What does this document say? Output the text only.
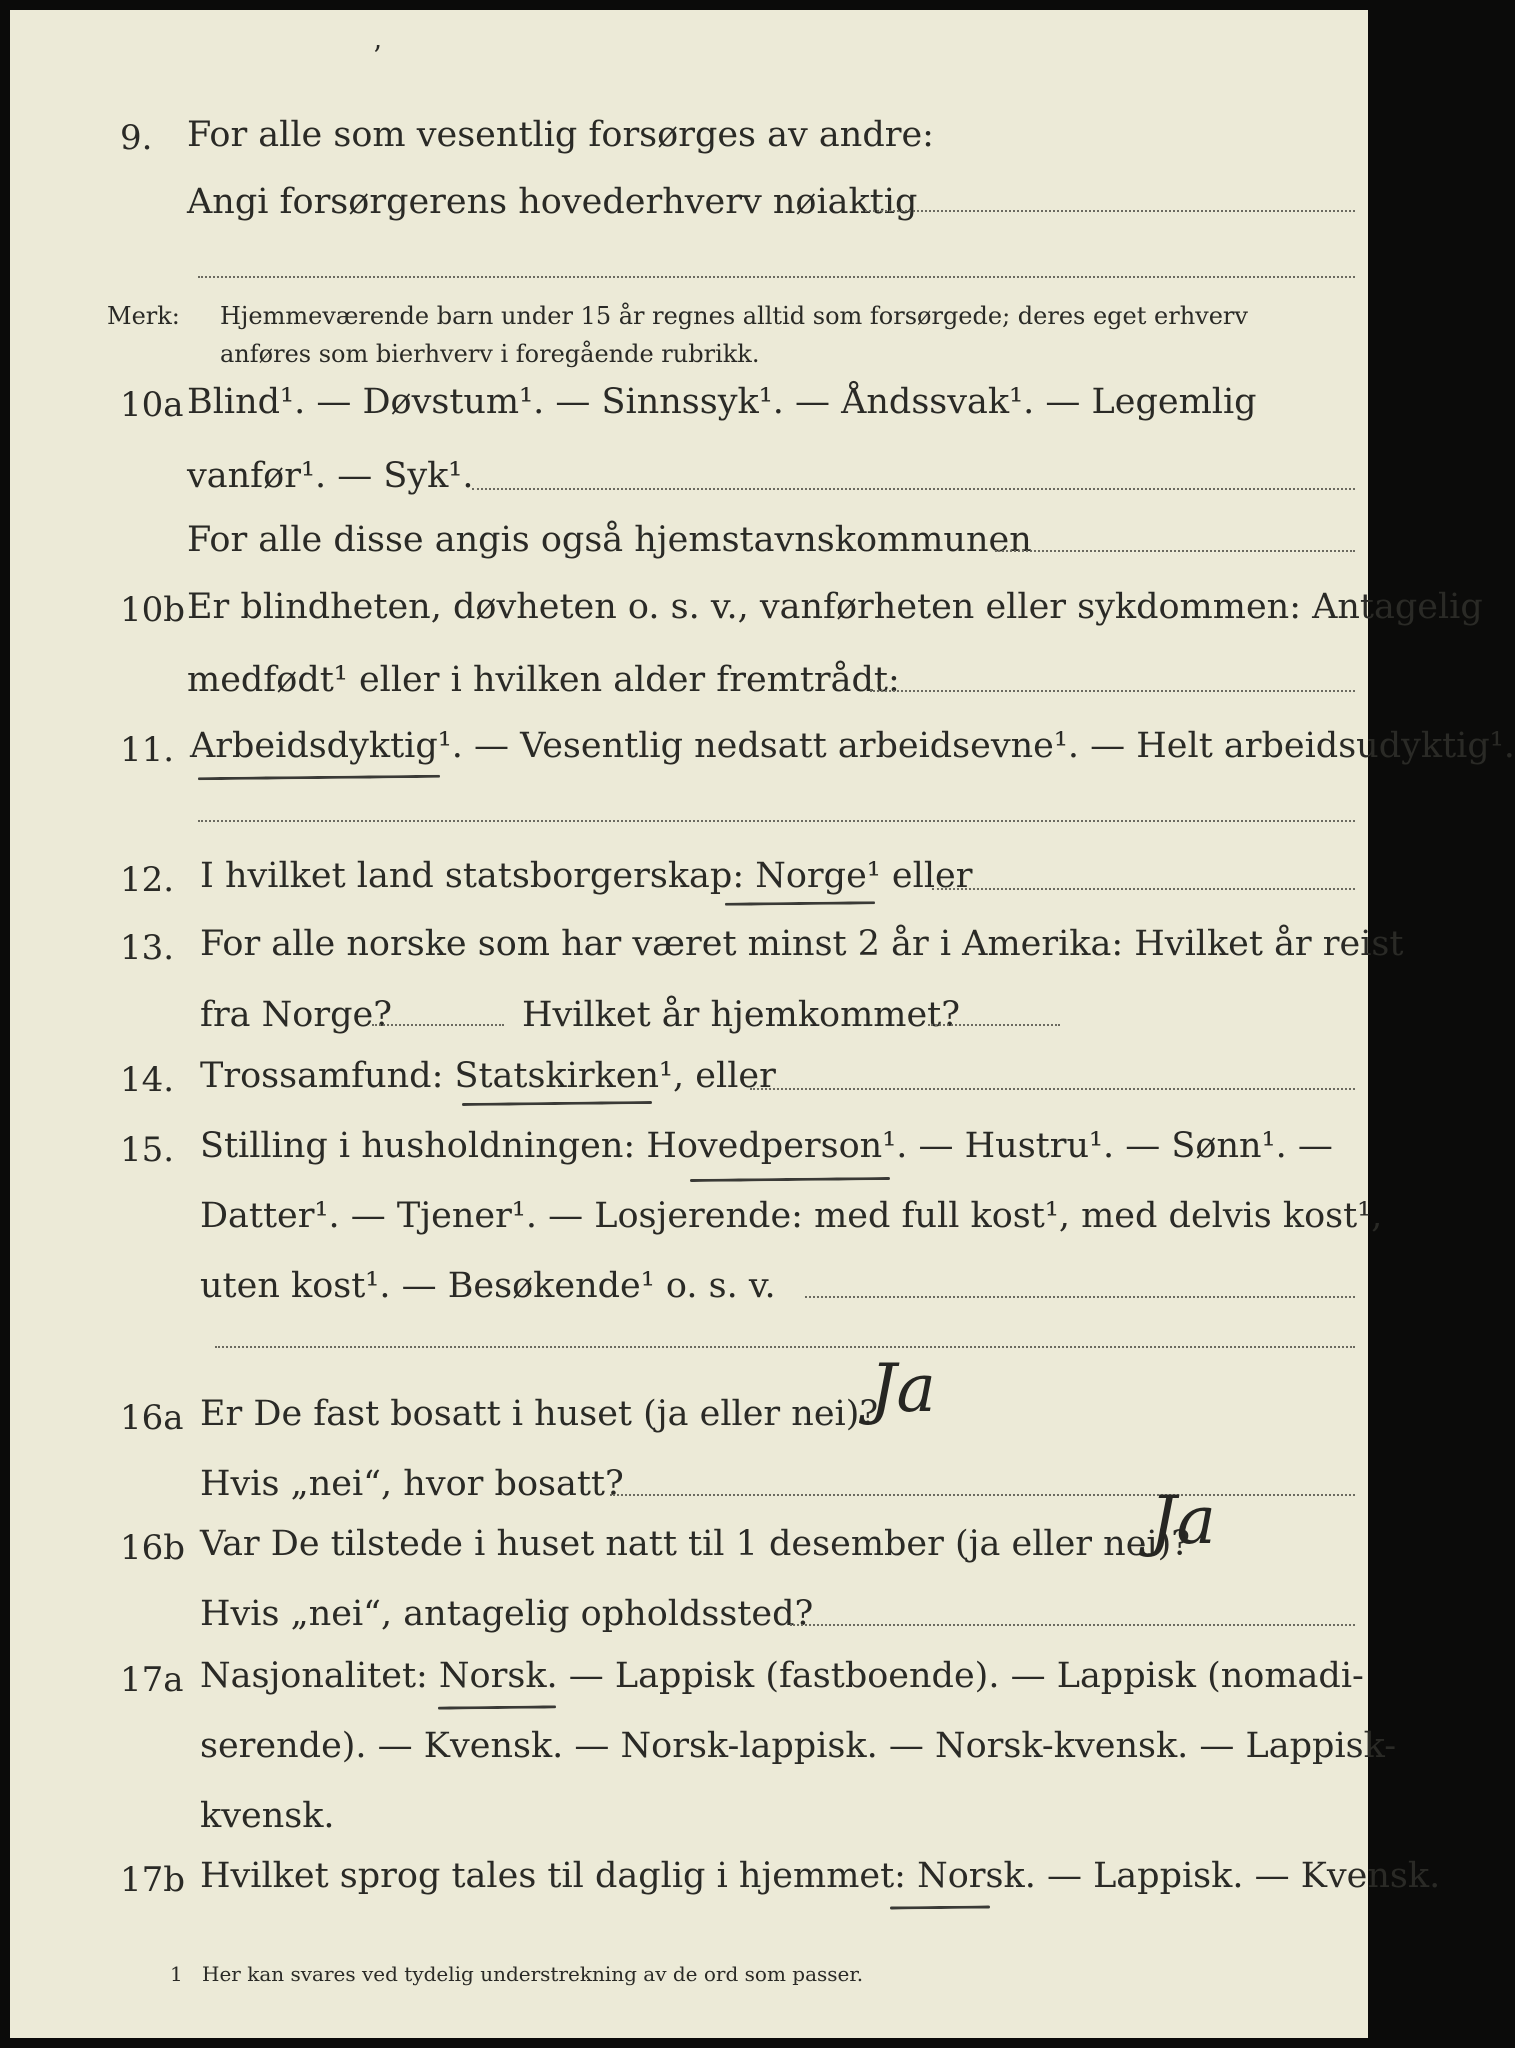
ʼ
9. For alle som vesentlig forsørges av andre:
Angi forsørgerens hovederhverv nøiaktig
Merk: Hjemmeværende barn under 15 år regnes alltid som forsørgede; deres eget erhverv
anføres som bierhverv i foregående rubrikk.
10a Blind¹. — Døvstum¹. — Sinnssyk¹. — Åndssvak¹. — Legemlig
vanfør¹. — Syk¹.
For alle disse angis også hjemstavnskommunen
10b Er blindheten, døvheten o. s. v., vanførheten eller sykdommen: Antagelig
medfødt¹ eller i hvilken alder fremtrådt:
11. Arbeidsdyktig¹. — Vesentlig nedsatt arbeidsevne¹. — Helt arbeidsudyktig¹.
12. I hvilket land statsborgerskap: Norge¹ eller
13. For alle norske som har været minst 2 år i Amerika: Hvilket år reist
fra Norge?	Hvilket år hjemkommet?
14. Trossamfund: Statskirken¹, eller
15. Stilling i husholdningen: Hovedperson¹. — Hustru¹. — Sønn¹. —
Datter¹. — Tjener¹. — Losjerende: med full kost¹, med delvis kost¹,
uten kost¹. — Besøkende¹ o. s. v.
16a Er De fast bosatt i huset (ja eller nei)?
Ja
Hvis „nei“, hvor bosatt?
16b Var De tilstede i huset natt til 1 desember (ja eller nei)?
Ja
Hvis „nei“, antagelig opholdssted?
17a Nasjonalitet: Norsk. — Lappisk (fastboende). — Lappisk (nomadi-
serende). — Kvensk. — Norsk-lappisk. — Norsk-kvensk. — Lappisk-
kvensk.
17b Hvilket sprog tales til daglig i hjemmet: Norsk. — Lappisk. — Kvensk.
1 Her kan svares ved tydelig understrekning av de ord som passer.
